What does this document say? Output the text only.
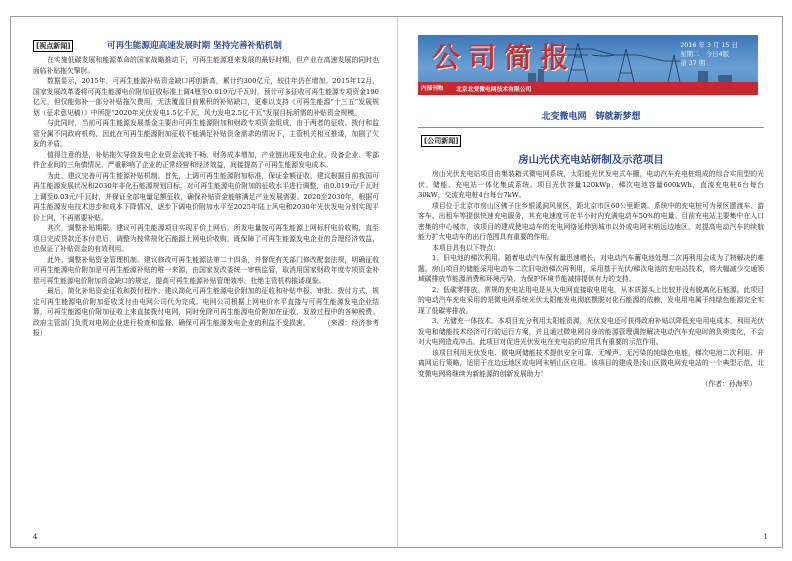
[视点新闻]	可再生能源迎高速发展时期 坚持完善补贴机制

在实施低碳发展和能源革命的国家战略推动下，可再生能源迎来发展的最好时期，但产业在高速发展的同时也面临补贴拖欠掣肘。

数据显示，2015年，可再生能源补贴资金缺口再创新高，累计约300亿元，较往年仍在增加。2015年12月，国家发展改革委将可再生能源电价附加征收标准上调4厘至0.019元/千瓦时，预计可多征收可再生能源专项资金190亿元，但仅能弥补一部分补贴拖欠费用，无法覆盖目前累积的补贴缺口，更难以支持《可再生能源“十三五”发展规划（征求意见稿）》中所提“2020年光伏发电1.5亿千瓦，风力发电2.5亿千瓦”发展目标所需的补贴资金规模。

与此同时，当前可再生能源发展基金主要由可再生能源附加和财政专项资金组成，由于两者的征收、拨付和监管分属不同政府机构，因此在可再生能源附加征收不能满足补贴资金需求的情况下，主管机关相互推诿，加剧了欠发的矛盾。

值得注意的是，补贴拖欠导致发电企业资金流转不畅、财务成本增加，产业链出现发电企业、设备企业、零部件企业间的三角债情况，严重影响了企业的正常经营和经济效益，间接提高了可再生能源发电成本。

为此，建议完善可再生能源补贴机制。首先，上调可再生能源附加标准，保证金额征收。建议根据目前我国可再生能源发展状况和2030年非化石能源规划目标，对可再生能源电价附加的征收水平进行调整，由0.019元/千瓦时上调至0.03元/千瓦时，并保证全部电量足额征收，确保补贴资金能够满足产业发展需要。2020至2030年，根据可再生能源发电技术进步和成本下降情况，逐步下调电价附加水平至2025年陆上风电和2030年光伏发电分别实现平价上网，不再需要补贴。

其次，调整补贴期限。建议可再生能源项目实现平价上网后，所发电量按可再生能源上网标杆电价收购，直至项目完成贷款还本付息后，调整为按常规化石能源上网电价收购，既保障了可再生能源发电企业的合理经济效益，也保证了补贴资金的有效利用。

此外，调整补贴资金管理机制。建议修改可再生能源法第二十四条，并督促有关部门修改配套法规，明确征收可再生能源电价附加是可再生能源补贴的唯一来源，由国家发改委统一审核监管，取消用国家财政年度专项资金补偿可再生能源电价附加资金缺口的规定，提高可再生能源补贴管理效率，杜绝主管机构推诿现象。

最后，简化补贴资金征收和拨付程序。建议简化可再生能源电价附加的征收和补贴申报、审批、拨付方式，规定可再生能源电价附加征收支付由电网公司代为完成。电网公司根据上网电价水平直接与可再生能源发电企业结算，可再生能源电价附加征收上来直接拨付电网，同时免除可再生能源电价附加在征收、发放过程中的各种税费。政府主管部门负责对电网企业进行检查和监督，确保可再生能源发电企业的利益不受损害。　　　（来源：经济参考报）

4
公司简报	2016 年 3 月 15 日
星期二　今日4版
第 37 期
内部刊物 北京北变微电网技术有限公司
北变微电网　铸就新梦想
[公司新闻]
房山光伏充电站研制及示范项目

房山光伏充电站项目由集装箱式微电网系统，太阳能光伏发电式车棚，电动汽车充电桩组成的综合实用型的光伏、储能、充电站一体化集成系统。项目光伏容量120kWp，梯次电池容量600kWh，直流充电桩6台每台30kW，交流充电桩4台每台7kW。

项目位于北京市房山区佛子庄乡银溪洞风景区，距北京市区60公里距离。系统中的充电桩可为景区摆渡车、游客车、出租车等提供快速充电服务，其充电速度可在半小时内充满电动车50%的电量。目前充电站主要集中在人口密集的中心城市，该项目的建成使电动车的充电网络延伸到城市以外或电网末梢远边地区，对提高电动汽车的续航能力扩大电动车的出行范围具有重要的作用。

本项目具有以下特点：

1、旧电池的梯次利用。随着电动汽车保有量迅速增长，对电动汽车蓄电池处理二次再利用会成为了特解决的难题。房山项目的储能采用电动车二次旧电池梯次再利用，采用基于光伏/梯次电池的充电站技术，将大幅减少交通领域碳排放节能源消费和环境污染，为保护环境节能减排提供有力的支持。

2、低碳零排放。常规的充电站用电是从大电网直接取电用电，从本质源头上比较并没有脱离化石能源。此项目的电动汽车充电采用的是微电网系统光伏太阳能发电彻底摆脱对化石能源的依赖，发电用电属于纯绿色能源完全实现了低碳零排放。

3、光储充一体技术。本项目充分利用太阳能资源，光伏发电还可获得政府补贴以降低充电用电成本，利用光伏发电和储能技术经济可行的运行方案，并且通过微电网自身的能源管理调控解决电动汽车充电时的负荷变化，不会对大电网造成冲击。此项目对促进光伏发电在充电站的应用具有重要的示范作用。

该项目利用光伏发电、微电网储能技术提供安全可靠、无噪声、无污染的纯绿色电能，梯次电池二次利用、并离网运行策略，适用于在边远地区或电网末梢山区应用。该项目的建成是浅山区微电网充电站的一个典型示范，北变微电网将继续为新能源的创新发展助力！

（作者：孙海军）

1
